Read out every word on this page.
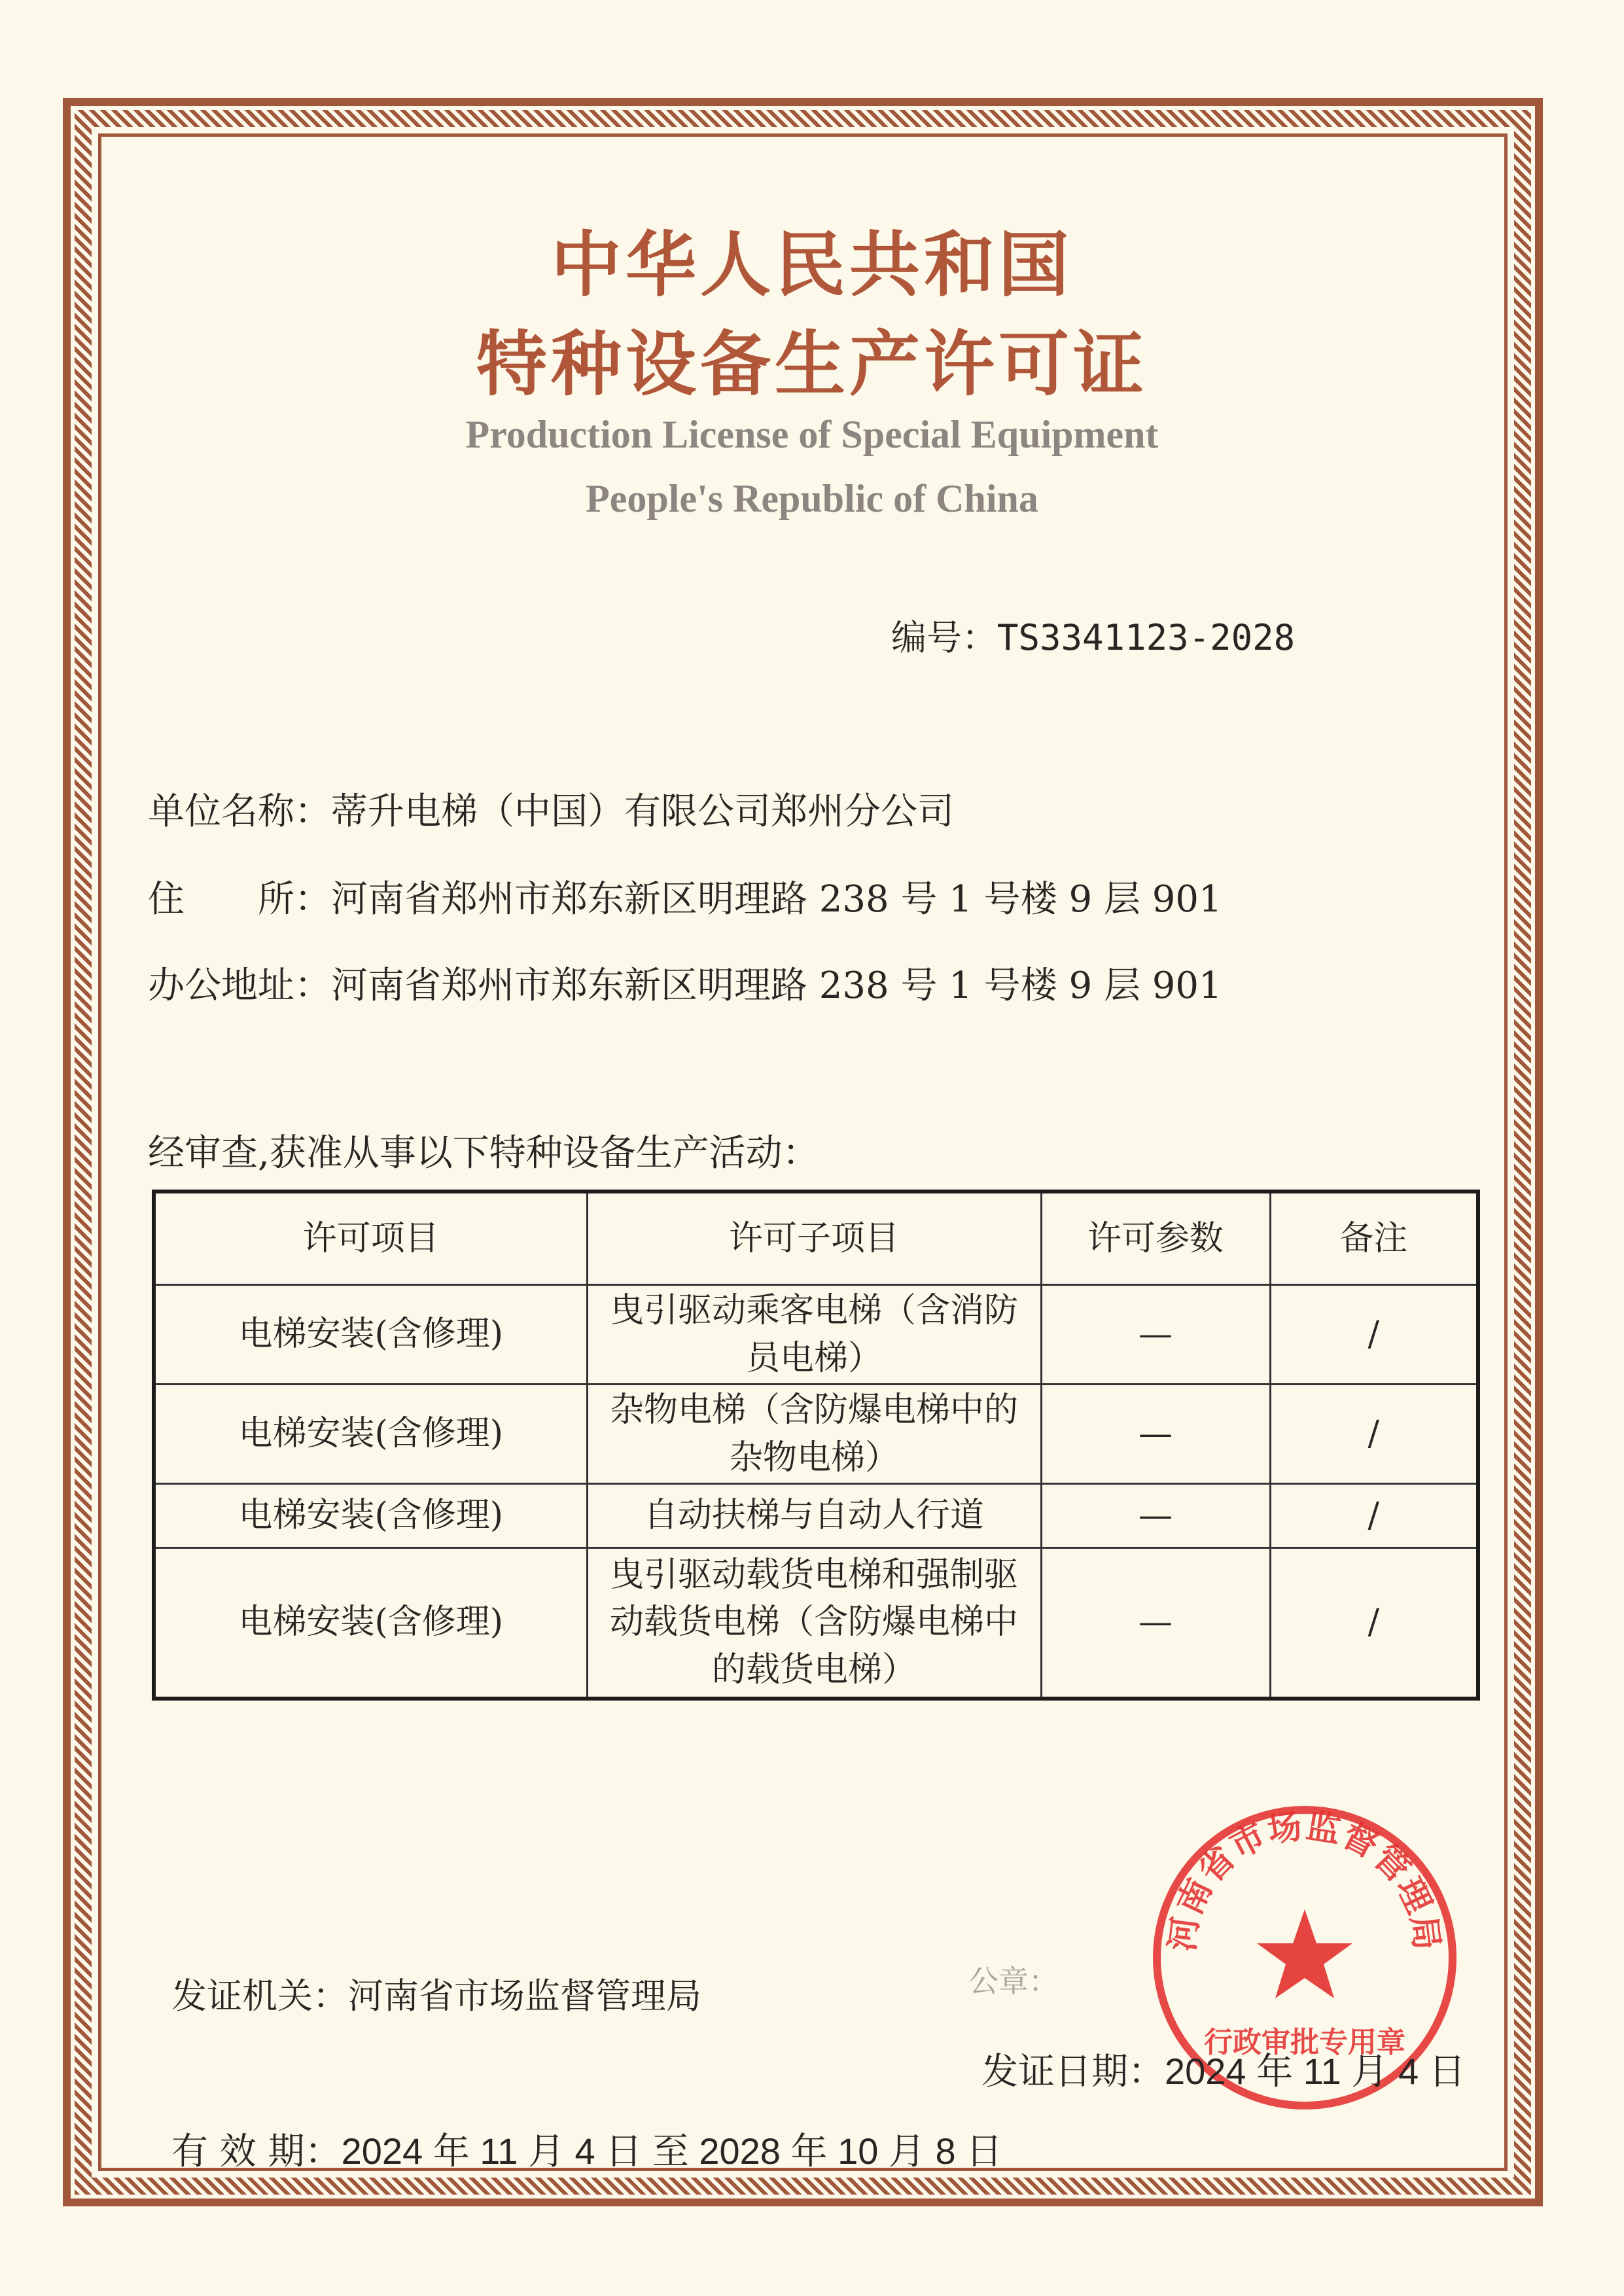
中华人民共和国
特种设备生产许可证
Production License of Special Equipment
People's Republic of China
编号：TS3341123-2028
单位名称：蒂升电梯（中国）有限公司郑州分公司
住　　所：河南省郑州市郑东新区明理路 238 号 1 号楼 9 层 901
办公地址：河南省郑州市郑东新区明理路 238 号 1 号楼 9 层 901
经审查,获准从事以下特种设备生产活动：
许可项目	许可子项目	许可参数	备注
电梯安装(含修理)	曳引驱动乘客电梯（含消防员电梯）	—	/
电梯安装(含修理)	杂物电梯（含防爆电梯中的杂物电梯）	—	/
电梯安装(含修理)	自动扶梯与自动人行道	—	/
电梯安装(含修理)	曳引驱动载货电梯和强制驱动载货电梯（含防爆电梯中的载货电梯）	—	/
发证机关：河南省市场监督管理局	公章：
河南省市场监督管理局
行政审批专用章
发证日期：2024 年 11 月 4 日
有 效 期：2024 年 11 月 4 日 至 2028 年 10 月 8 日
